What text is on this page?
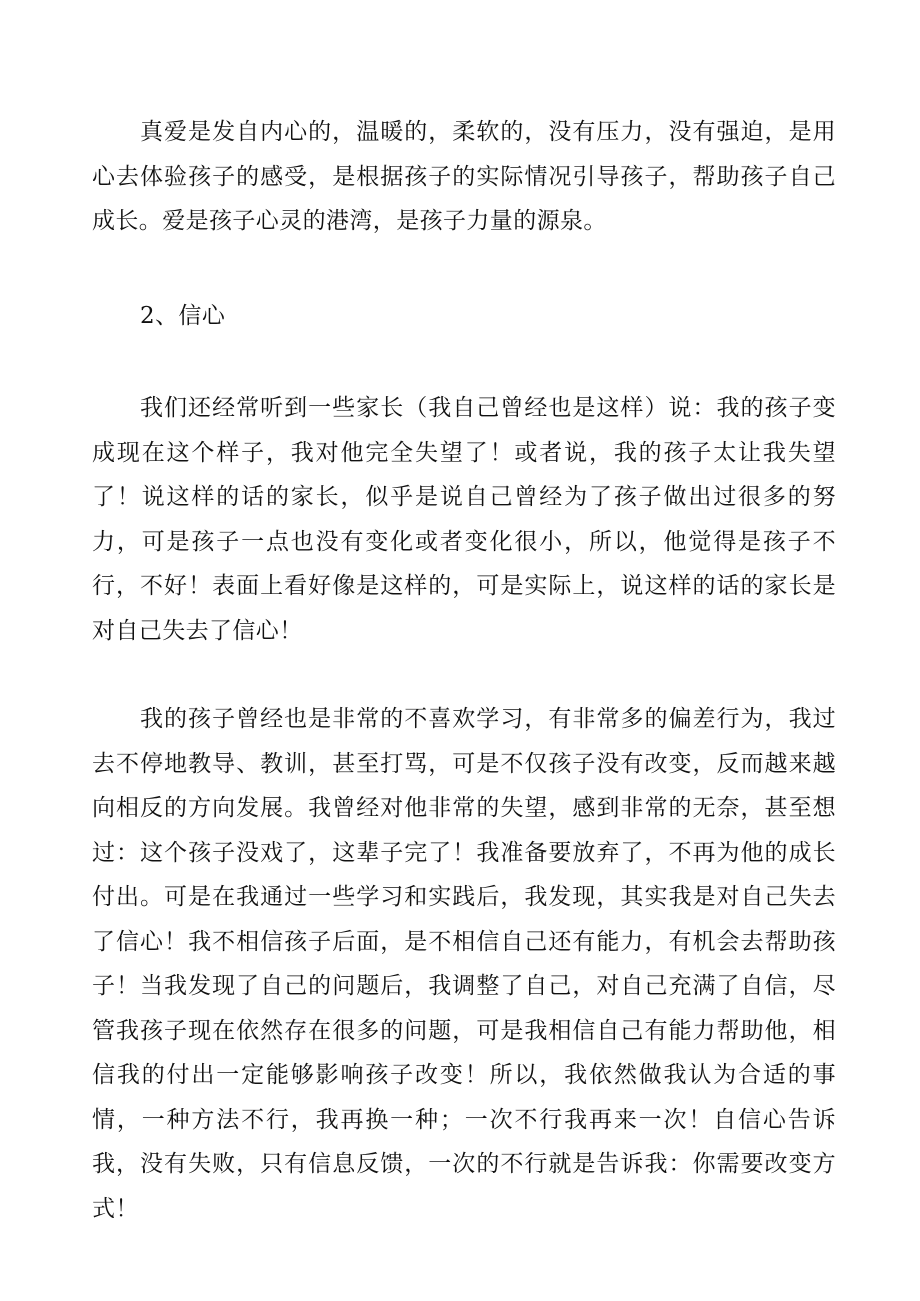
真爱是发自内心的，温暖的，柔软的，没有压力，没有强迫，是用心去体验孩子的感受，是根据孩子的实际情况引导孩子，帮助孩子自己成长。爱是孩子心灵的港湾，是孩子力量的源泉。

2、信心

我们还经常听到一些家长（我自己曾经也是这样）说：我的孩子变成现在这个样子，我对他完全失望了！或者说，我的孩子太让我失望了！说这样的话的家长，似乎是说自己曾经为了孩子做出过很多的努力，可是孩子一点也没有变化或者变化很小，所以，他觉得是孩子不行，不好！表面上看好像是这样的，可是实际上，说这样的话的家长是对自己失去了信心！

我的孩子曾经也是非常的不喜欢学习，有非常多的偏差行为，我过去不停地教导、教训，甚至打骂，可是不仅孩子没有改变，反而越来越向相反的方向发展。我曾经对他非常的失望，感到非常的无奈，甚至想过：这个孩子没戏了，这辈子完了！我准备要放弃了，不再为他的成长付出。可是在我通过一些学习和实践后，我发现，其实我是对自己失去了信心！我不相信孩子后面，是不相信自己还有能力，有机会去帮助孩子！当我发现了自己的问题后，我调整了自己，对自己充满了自信，尽管我孩子现在依然存在很多的问题，可是我相信自己有能力帮助他，相信我的付出一定能够影响孩子改变！所以，我依然做我认为合适的事情，一种方法不行，我再换一种；一次不行我再来一次！自信心告诉我，没有失败，只有信息反馈，一次的不行就是告诉我：你需要改变方式！
